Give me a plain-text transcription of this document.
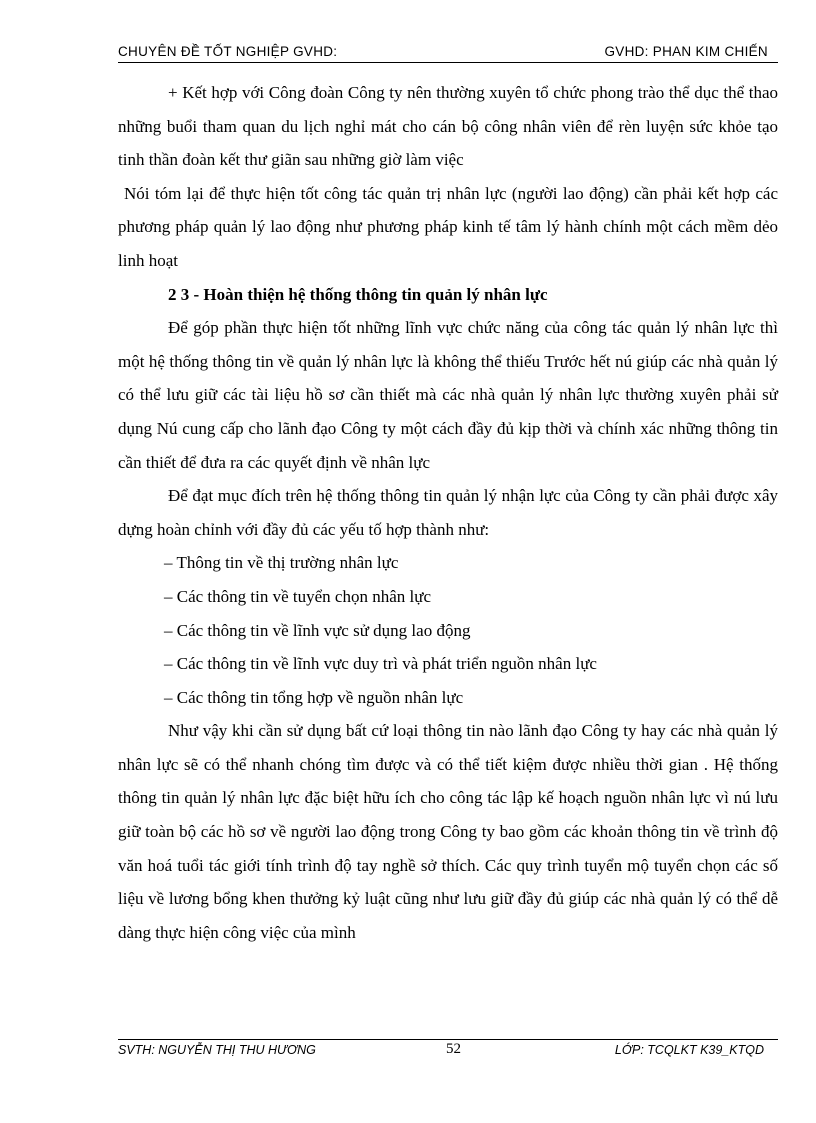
CHUYÊN ĐỀ TỐT NGHIỆP GVHD:	GVHD: PHAN KIM CHIẾN

+ Kết hợp với Công đoàn Công ty nên thường xuyên tổ chức phong trào thể dục thể thao những buổi tham quan du lịch nghỉ mát cho cán bộ công nhân viên để rèn luyện sức khỏe tạo tinh thần đoàn kết thư giãn sau những giờ làm việc

Nói tóm lại để thực hiện tốt công tác quản trị nhân lực (người lao động) cần phải kết hợp các phương pháp quản lý lao động như phương pháp kinh tế tâm lý hành chính một cách mềm dẻo linh hoạt

2 3 - Hoàn thiện hệ thống thông tin quản lý nhân lực

Để góp phần thực hiện tốt những lĩnh vực chức năng của công tác quản lý nhân lực thì một hệ thống thông tin về quản lý nhân lực là không thể thiếu Trước hết nú giúp các nhà quản lý có thể lưu giữ các tài liệu hồ sơ cần thiết mà các nhà quản lý nhân lực thường xuyên phải sử dụng Nú cung cấp cho lãnh đạo Công ty một cách đầy đủ kịp thời và chính xác những thông tin cần thiết để đưa ra các quyết định về nhân lực

Để đạt mục đích trên hệ thống thông tin quản lý nhận lực của Công ty cần phải được xây dựng hoàn chỉnh với đầy đủ các yếu tố hợp thành như:

– Thông tin về thị trường nhân lực

– Các thông tin về tuyển chọn nhân lực

– Các thông tin về lĩnh vực sử dụng lao động

– Các thông tin về lĩnh vực duy trì và phát triển nguồn nhân lực

– Các thông tin tổng hợp về nguồn nhân lực

Như vậy khi cần sử dụng bất cứ loại thông tin nào lãnh đạo Công ty hay các nhà quản lý nhân lực sẽ có thể nhanh chóng tìm được và có thể tiết kiệm được nhiều thời gian . Hệ thống thông tin quản lý nhân lực đặc biệt hữu ích cho công tác lập kế hoạch nguồn nhân lực vì nú lưu giữ toàn bộ các hồ sơ về người lao động trong Công ty bao gồm các khoản thông tin về trình độ văn hoá tuổi tác giới tính trình độ tay nghề sở thích. Các quy trình tuyển mộ tuyển chọn các số liệu về lương bổng khen thưởng kỷ luật cũng như lưu giữ đầy đủ giúp các nhà quản lý có thể dễ dàng thực hiện công việc của mình

SVTH: NGUYỄN THỊ THU HƯƠNG	52	LỚP: TCQLKT K39_KTQD
